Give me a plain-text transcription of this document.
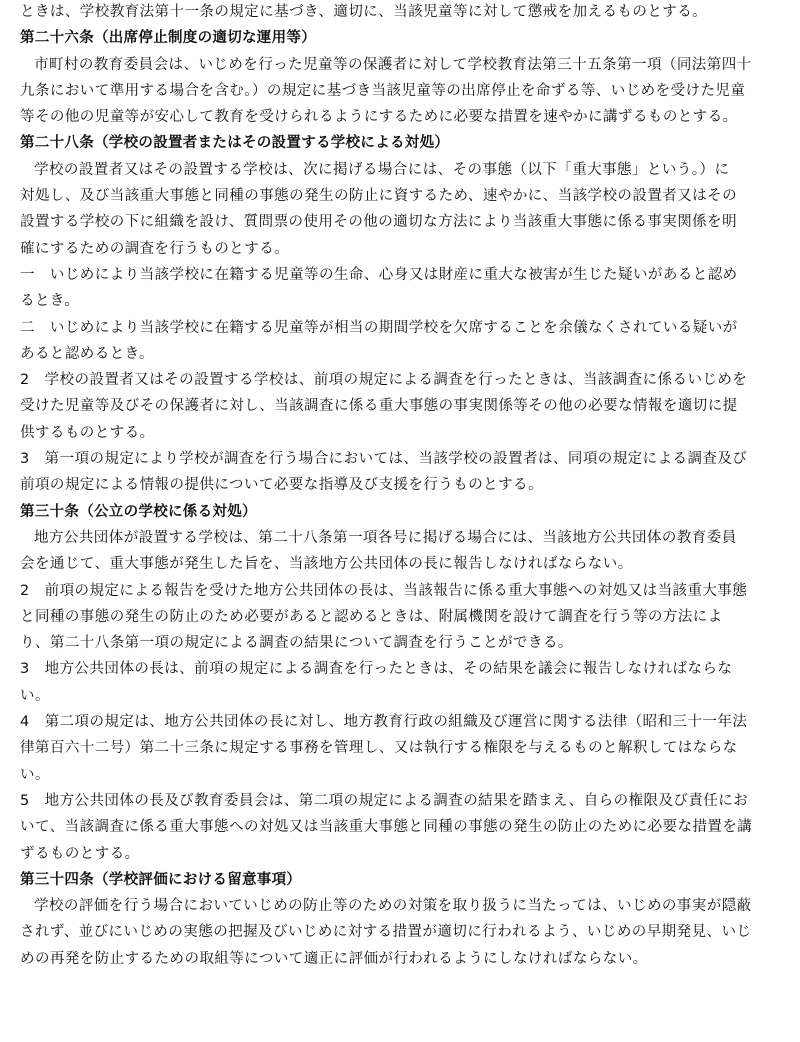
ときは、学校教育法第十一条の規定に基づき、適切に、当該児童等に対して懲戒を加えるものとする。
第二十六条（出席停止制度の適切な運用等）
市町村の教育委員会は、いじめを行った児童等の保護者に対して学校教育法第三十五条第一項（同法第四十
九条において準用する場合を含む。）の規定に基づき当該児童等の出席停止を命ずる等、いじめを受けた児童
等その他の児童等が安心して教育を受けられるようにするために必要な措置を速やかに講ずるものとする。
第二十八条（学校の設置者またはその設置する学校による対処）
学校の設置者又はその設置する学校は、次に掲げる場合には、その事態（以下「重大事態」という。）に
対処し、及び当該重大事態と同種の事態の発生の防止に資するため、速やかに、当該学校の設置者又はその
設置する学校の下に組織を設け、質問票の使用その他の適切な方法により当該重大事態に係る事実関係を明
確にするための調査を行うものとする。
一　いじめにより当該学校に在籍する児童等の生命、心身又は財産に重大な被害が生じた疑いがあると認め
るとき。
二　いじめにより当該学校に在籍する児童等が相当の期間学校を欠席することを余儀なくされている疑いが
あると認めるとき。
2　学校の設置者又はその設置する学校は、前項の規定による調査を行ったときは、当該調査に係るいじめを
受けた児童等及びその保護者に対し、当該調査に係る重大事態の事実関係等その他の必要な情報を適切に提
供するものとする。
3　第一項の規定により学校が調査を行う場合においては、当該学校の設置者は、同項の規定による調査及び
前項の規定による情報の提供について必要な指導及び支援を行うものとする。
第三十条（公立の学校に係る対処）
地方公共団体が設置する学校は、第二十八条第一項各号に掲げる場合には、当該地方公共団体の教育委員
会を通じて、重大事態が発生した旨を、当該地方公共団体の長に報告しなければならない。
2　前項の規定による報告を受けた地方公共団体の長は、当該報告に係る重大事態への対処又は当該重大事態
と同種の事態の発生の防止のため必要があると認めるときは、附属機関を設けて調査を行う等の方法によ
り、第二十八条第一項の規定による調査の結果について調査を行うことができる。
3　地方公共団体の長は、前項の規定による調査を行ったときは、その結果を議会に報告しなければならな
い。
4　第二項の規定は、地方公共団体の長に対し、地方教育行政の組織及び運営に関する法律（昭和三十一年法
律第百六十二号）第二十三条に規定する事務を管理し、又は執行する権限を与えるものと解釈してはならな
い。
5　地方公共団体の長及び教育委員会は、第二項の規定による調査の結果を踏まえ、自らの権限及び責任にお
いて、当該調査に係る重大事態への対処又は当該重大事態と同種の事態の発生の防止のために必要な措置を講
ずるものとする。
第三十四条（学校評価における留意事項）
学校の評価を行う場合においていじめの防止等のための対策を取り扱うに当たっては、いじめの事実が隠蔽
されず、並びにいじめの実態の把握及びいじめに対する措置が適切に行われるよう、いじめの早期発見、いじ
めの再発を防止するための取組等について適正に評価が行われるようにしなければならない。
